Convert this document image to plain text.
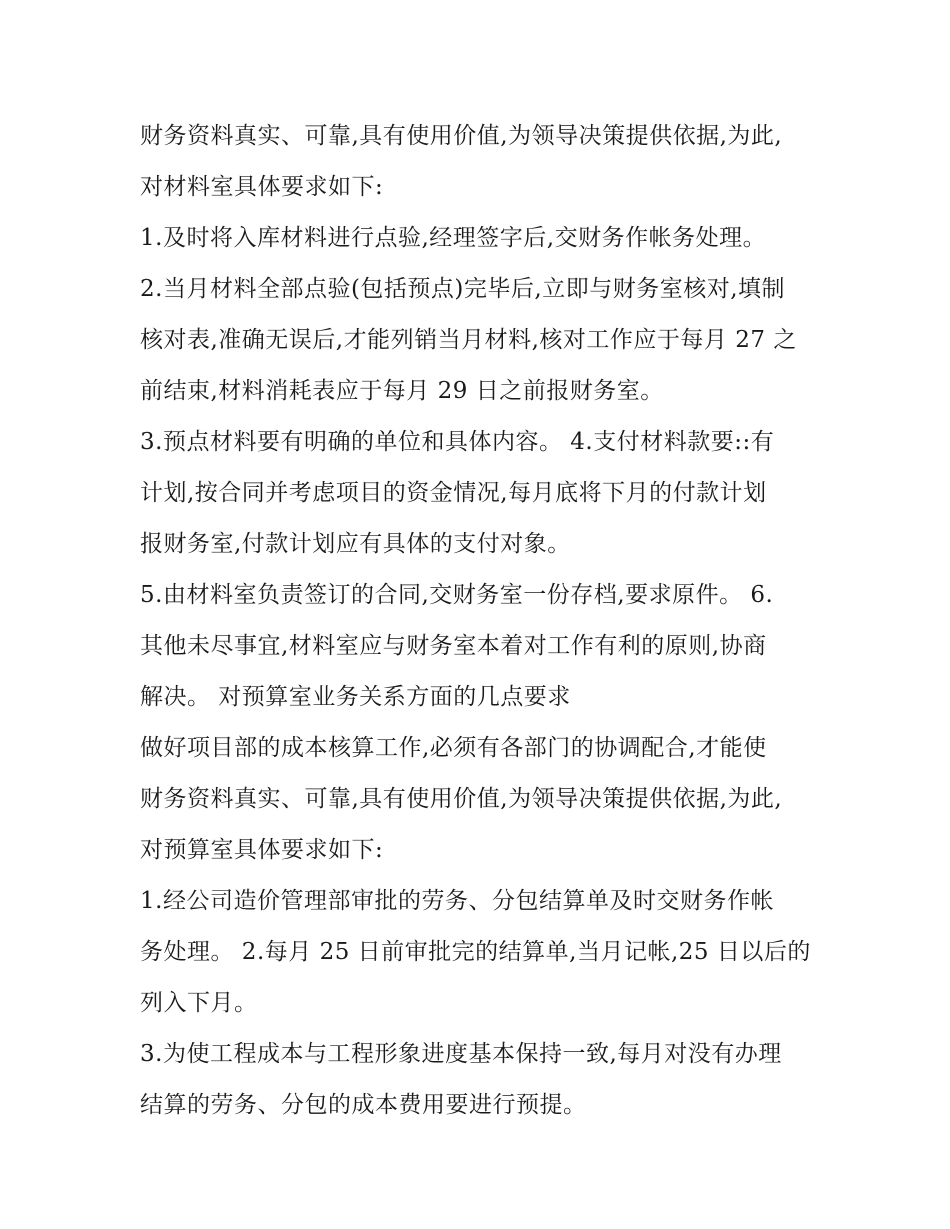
财务资料真实、可靠,具有使用价值,为领导决策提供依据,为此,
对材料室具体要求如下:
1.及时将入库材料进行点验,经理签字后,交财务作帐务处理。
2.当月材料全部点验(包括预点)完毕后,立即与财务室核对,填制
核对表,准确无误后,才能列销当月材料,核对工作应于每月 27 之
前结束,材料消耗表应于每月 29 日之前报财务室。
3.预点材料要有明确的单位和具体内容。 4.支付材料款要::有
计划,按合同并考虑项目的资金情况,每月底将下月的付款计划
报财务室,付款计划应有具体的支付对象。
5.由材料室负责签订的合同,交财务室一份存档,要求原件。 6.
其他未尽事宜,材料室应与财务室本着对工作有利的原则,协商
解决。 对预算室业务关系方面的几点要求
做好项目部的成本核算工作,必须有各部门的协调配合,才能使
财务资料真实、可靠,具有使用价值,为领导决策提供依据,为此,
对预算室具体要求如下:
1.经公司造价管理部审批的劳务、分包结算单及时交财务作帐
务处理。 2.每月 25 日前审批完的结算单,当月记帐,25 日以后的
列入下月。
3.为使工程成本与工程形象进度基本保持一致,每月对没有办理
结算的劳务、分包的成本费用要进行预提。
